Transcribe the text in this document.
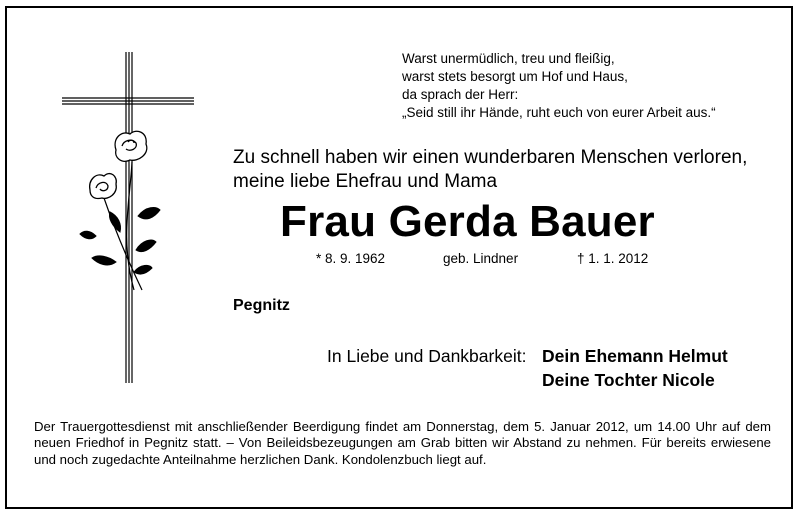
Warst unermüdlich, treu und fleißig,
warst stets besorgt um Hof und Haus,
da sprach der Herr:
„Seid still ihr Hände, ruht euch von eurer Arbeit aus.“
Zu schnell haben wir einen wunderbaren Menschen verloren,
meine liebe Ehefrau und Mama
Frau Gerda Bauer
* 8. 9. 1962	geb. Lindner	† 1. 1. 2012
Pegnitz
In Liebe und Dankbarkeit: Dein Ehemann Helmut
Deine Tochter Nicole
Der Trauergottesdienst mit anschließender Beerdigung findet am Donnerstag, dem 5. Januar 2012, um 14.00 Uhr auf dem neuen Friedhof in Pegnitz statt. – Von Beileidsbezeugungen am Grab bitten wir Abstand zu nehmen. Für bereits erwiesene und noch zugedachte Anteilnahme herzlichen Dank. Kondolenzbuch liegt auf.
